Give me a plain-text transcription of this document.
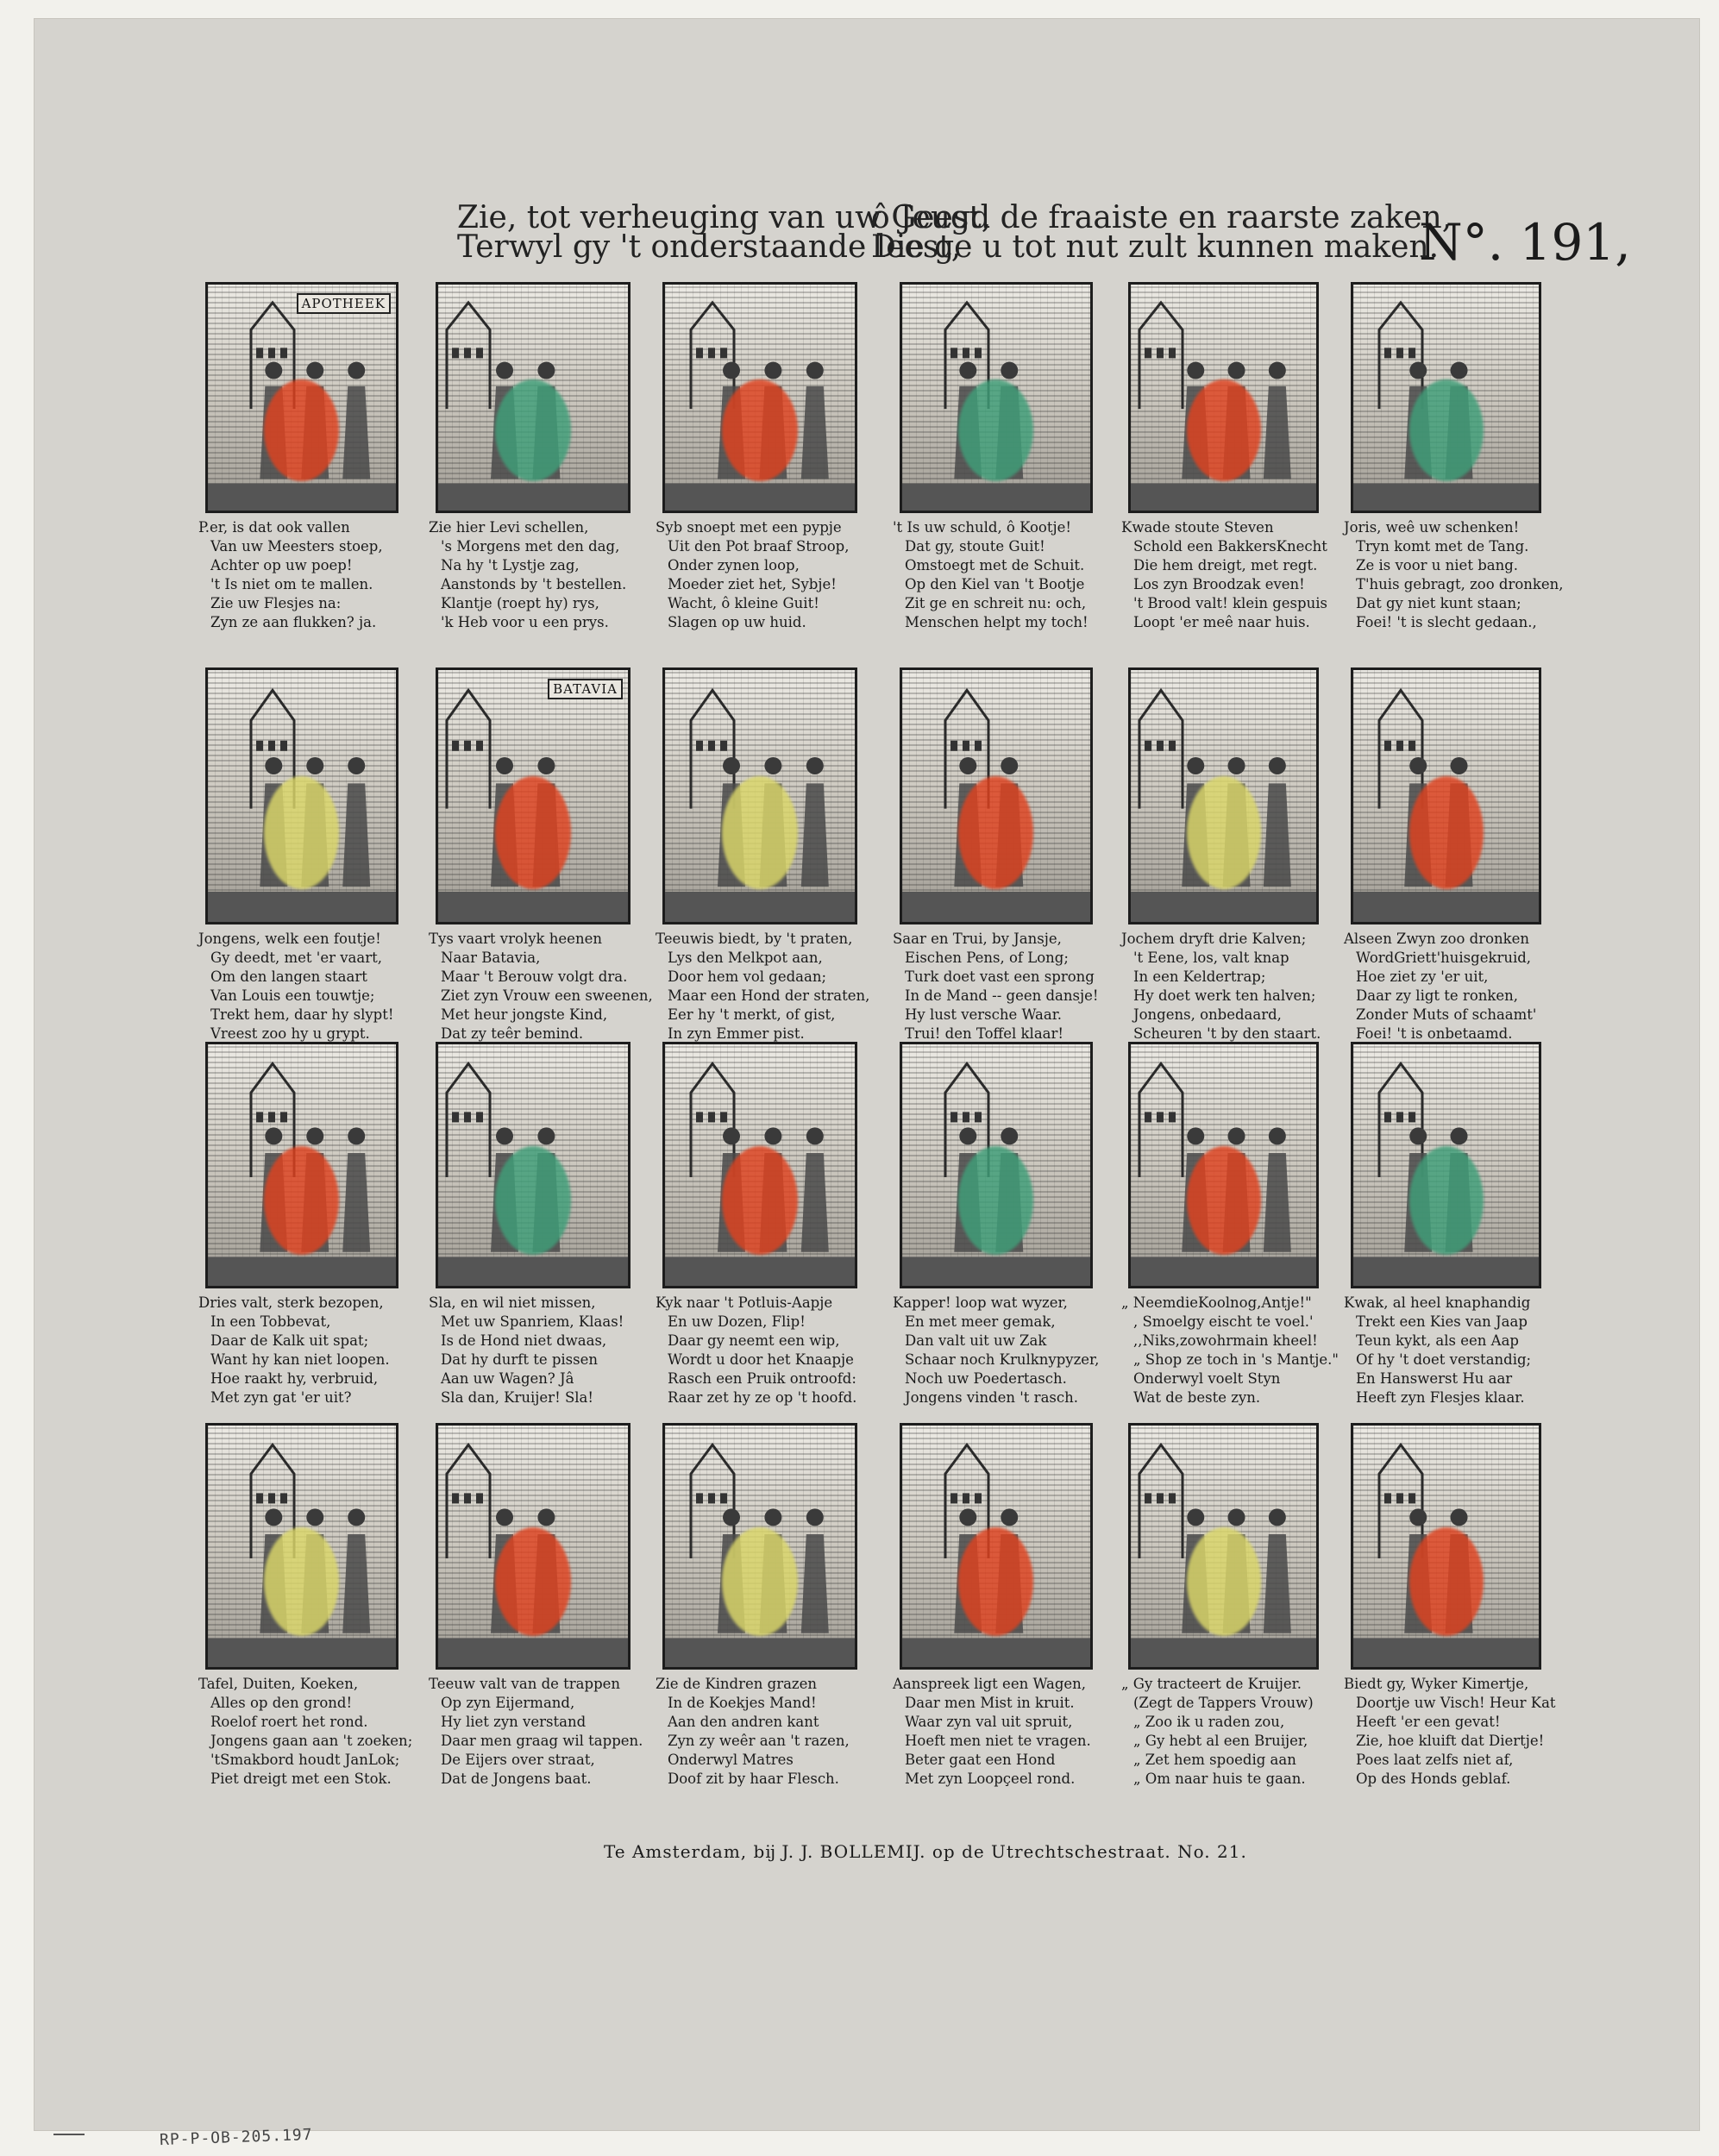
Zie, tot verheuging van uw Geest,
Terwyl gy 't onderstaande leest,
ô Jeugd de fraaiste en raarste zaken,
Die ge u tot nut zult kunnen maken.
N°. 191,
APOTHEEK
P.er, is dat ook vallen
Van uw Meesters stoep,
Achter op uw poep!
't Is niet om te mallen.
Zie uw Flesjes na:
Zyn ze aan flukken? ja.
Zie hier Levi schellen,
's Morgens met den dag,
Na hy 't Lystje zag,
Aanstonds by 't bestellen.
Klantje (roept hy) rys,
'k Heb voor u een prys.
Syb snoept met een pypje
Uit den Pot braaf Stroop,
Onder zynen loop,
Moeder ziet het, Sybje!
Wacht, ô kleine Guit!
Slagen op uw huid.
't Is uw schuld, ô Kootje!
Dat gy, stoute Guit!
Omstoegt met de Schuit.
Op den Kiel van 't Bootje
Zit ge en schreit nu: och,
Menschen helpt my toch!
Kwade stoute Steven
Schold een BakkersKnecht
Die hem dreigt, met regt.
Los zyn Broodzak even!
't Brood valt! klein gespuis
Loopt 'er meê naar huis.
Joris, weê uw schenken!
Tryn komt met de Tang.
Ze is voor u niet bang.
T'huis gebragt, zoo dronken,
Dat gy niet kunt staan;
Foei! 't is slecht gedaan.,
Jongens, welk een foutje!
Gy deedt, met 'er vaart,
Om den langen staart
Van Louis een touwtje;
Trekt hem, daar hy slypt!
Vreest zoo hy u grypt.
BATAVIA
Tys vaart vrolyk heenen
Naar Batavia,
Maar 't Berouw volgt dra.
Ziet zyn Vrouw een sweenen,
Met heur jongste Kind,
Dat zy teêr bemind.
Teeuwis biedt, by 't praten,
Lys den Melkpot aan,
Door hem vol gedaan;
Maar een Hond der straten,
Eer hy 't merkt, of gist,
In zyn Emmer pist.
Saar en Trui, by Jansje,
Eischen Pens, of Long;
Turk doet vast een sprong
In de Mand -- geen dansje!
Hy lust versche Waar.
Trui! den Toffel klaar!
Jochem dryft drie Kalven;
't Eene, los, valt knap
In een Keldertrap;
Hy doet werk ten halven;
Jongens, onbedaard,
Scheuren 't by den staart.
Alseen Zwyn zoo dronken
WordGriett'huisgekruid,
Hoe ziet zy 'er uit,
Daar zy ligt te ronken,
Zonder Muts of schaamt'
Foei! 't is onbetaamd.
Dries valt, sterk bezopen,
In een Tobbevat,
Daar de Kalk uit spat;
Want hy kan niet loopen.
Hoe raakt hy, verbruid,
Met zyn gat 'er uit?
Sla, en wil niet missen,
Met uw Spanriem, Klaas!
Is de Hond niet dwaas,
Dat hy durft te pissen
Aan uw Wagen? Jâ
Sla dan, Kruijer! Sla!
Kyk naar 't Potluis-Aapje
En uw Dozen, Flip!
Daar gy neemt een wip,
Wordt u door het Knaapje
Rasch een Pruik ontroofd:
Raar zet hy ze op 't hoofd.
Kapper! loop wat wyzer,
En met meer gemak,
Dan valt uit uw Zak
Schaar noch Krulknypyzer,
Noch uw Poedertasch.
Jongens vinden 't rasch.
„ NeemdieKoolnog,Antje!"
, Smoelgy eischt te voel.'
,,Niks,zowohrmain kheel!
„ Shop ze toch in 's Mantje."
Onderwyl voelt Styn
Wat de beste zyn.
Kwak, al heel knaphandig
Trekt een Kies van Jaap
Teun kykt, als een Aap
Of hy 't doet verstandig;
En Hanswerst Hu aar
Heeft zyn Flesjes klaar.
Tafel, Duiten, Koeken,
Alles op den grond!
Roelof roert het rond.
Jongens gaan aan 't zoeken;
'tSmakbord houdt JanLok;
Piet dreigt met een Stok.
Teeuw valt van de trappen
Op zyn Eijermand,
Hy liet zyn verstand
Daar men graag wil tappen.
De Eijers over straat,
Dat de Jongens baat.
Zie de Kindren grazen
In de Koekjes Mand!
Aan den andren kant
Zyn zy weêr aan 't razen,
Onderwyl Matres
Doof zit by haar Flesch.
Aanspreek ligt een Wagen,
Daar men Mist in kruit.
Waar zyn val uit spruit,
Hoeft men niet te vragen.
Beter gaat een Hond
Met zyn Loopçeel rond.
„ Gy tracteert de Kruijer.
(Zegt de Tappers Vrouw)
„ Zoo ik u raden zou,
„ Gy hebt al een Bruijer,
„ Zet hem spoedig aan
„ Om naar huis te gaan.
Biedt gy, Wyker Kimertje,
Doortje uw Visch! Heur Kat
Heeft 'er een gevat!
Zie, hoe kluift dat Diertje!
Poes laat zelfs niet af,
Op des Honds geblaf.
Te Amsterdam, bĳ J. J. BOLLEMIJ. op de Utrechtschestraat. No. 21.
RP-P-OB-205.197
